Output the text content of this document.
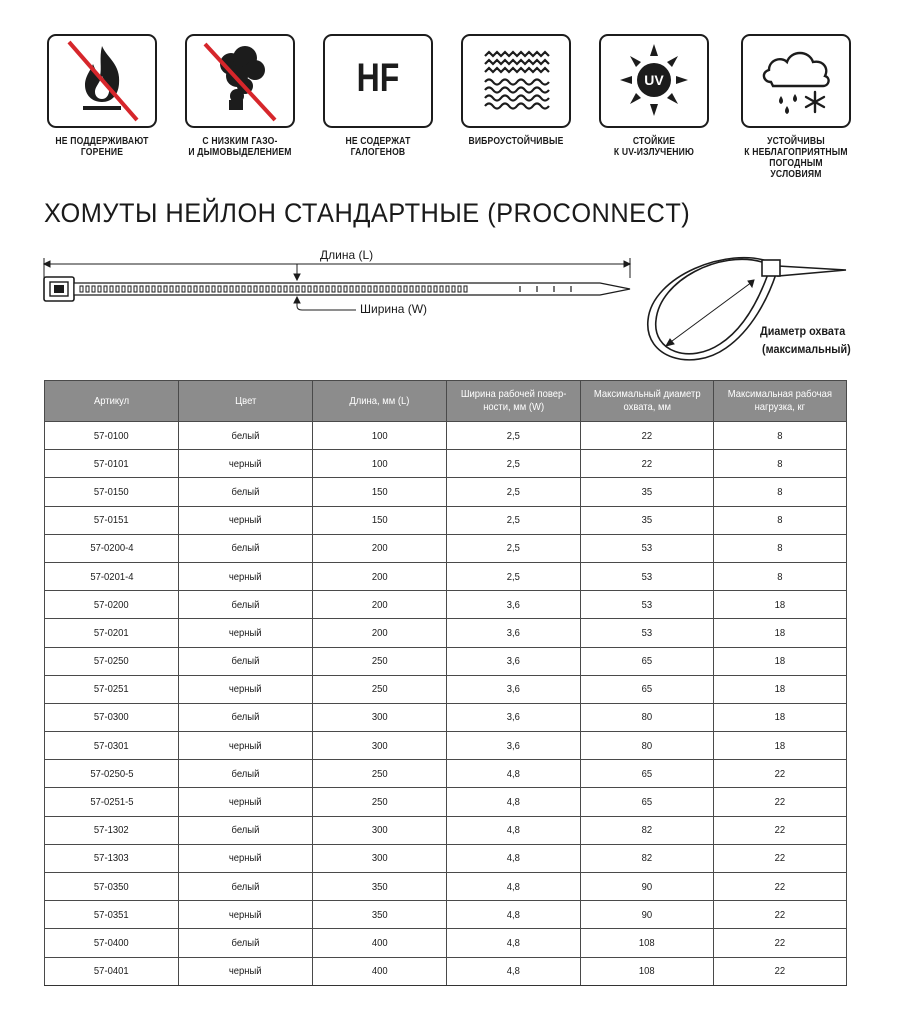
НЕ ПОДДЕРЖИВАЮТ
ГОРЕНИЕ
С НИЗКИМ ГАЗО-
И ДЫМОВЫДЕЛЕНИЕМ
HF
НЕ СОДЕРЖАТ
ГАЛОГЕНОВ
ВИБРОУСТОЙЧИВЫЕ
UV
СТОЙКИЕ
К UV-ИЗЛУЧЕНИЮ
УСТОЙЧИВЫ
К НЕБЛАГОПРИЯТНЫМ
ПОГОДНЫМ УСЛОВИЯМ
ХОМУТЫ НЕЙЛОН СТАНДАРТНЫЕ (PROCONNECT)
Длина (L)
Ширина (W)
Диаметр охвата
(максимальный)
Артикул	Цвет	Длина, мм (L)	Ширина рабочей повер-
ности, мм (W)	Максимальный диаметр
охвата, мм	Максимальная рабочая
нагрузка, кг
57-0100	белый	100	2,5	22	8
57-0101	черный	100	2,5	22	8
57-0150	белый	150	2,5	35	8
57-0151	черный	150	2,5	35	8
57-0200-4	белый	200	2,5	53	8
57-0201-4	черный	200	2,5	53	8
57-0200	белый	200	3,6	53	18
57-0201	черный	200	3,6	53	18
57-0250	белый	250	3,6	65	18
57-0251	черный	250	3,6	65	18
57-0300	белый	300	3,6	80	18
57-0301	черный	300	3,6	80	18
57-0250-5	белый	250	4,8	65	22
57-0251-5	черный	250	4,8	65	22
57-1302	белый	300	4,8	82	22
57-1303	черный	300	4,8	82	22
57-0350	белый	350	4,8	90	22
57-0351	черный	350	4,8	90	22
57-0400	белый	400	4,8	108	22
57-0401	черный	400	4,8	108	22
